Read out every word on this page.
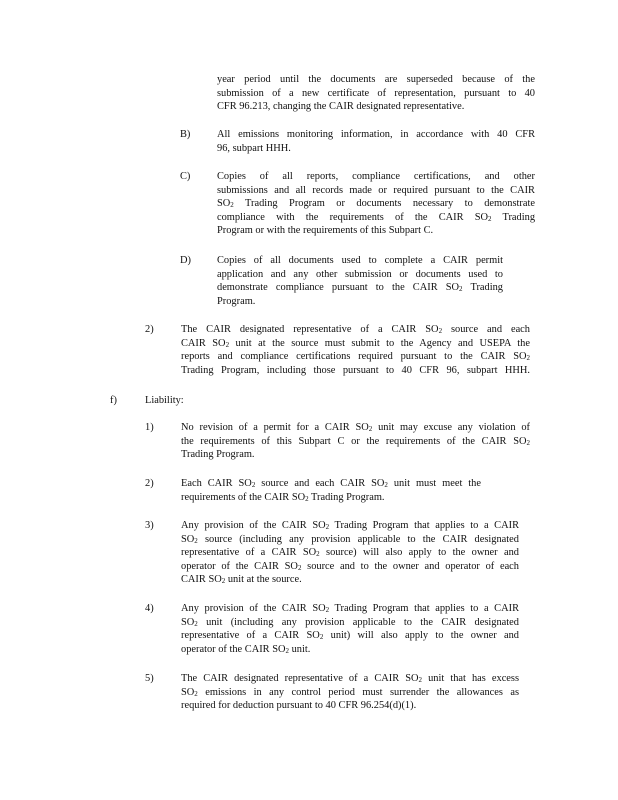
year period until the documents are superseded because of the
submission of a new certificate of representation, pursuant to 40
CFR 96.213, changing the CAIR designated representative.
B)	All emissions monitoring information, in accordance with 40 CFR
96, subpart HHH.
C)	Copies of all reports, compliance certifications, and other
submissions and all records made or required pursuant to the CAIR
$SO_2$ Trading Program or documents necessary to demonstrate
compliance with the requirements of the CAIR $SO_2$ Trading
Program or with the requirements of this Subpart C.
D)	Copies of all documents used to complete a CAIR permit
application and any other submission or documents used to
demonstrate compliance pursuant to the CAIR $SO_2$ Trading
Program.
2)	The CAIR designated representative of a CAIR $SO_2$ source and each
CAIR $SO_2$ unit at the source must submit to the Agency and USEPA the
reports and compliance certifications required pursuant to the CAIR $SO_2$
Trading Program, including those pursuant to 40 CFR 96, subpart HHH.
f)	Liability:
1)	No revision of a permit for a CAIR $SO_2$ unit may excuse any violation of
the requirements of this Subpart C or the requirements of the CAIR $SO_2$
Trading Program.
2)	Each CAIR $SO_2$ source and each CAIR $SO_2$ unit must meet the
requirements of the CAIR $SO_2$ Trading Program.
3)	Any provision of the CAIR $SO_2$ Trading Program that applies to a CAIR
$SO_2$ source (including any provision applicable to the CAIR designated
representative of a CAIR $SO_2$ source) will also apply to the owner and
operator of the CAIR $SO_2$ source and to the owner and operator of each
CAIR $SO_2$ unit at the source.
4)	Any provision of the CAIR $SO_2$ Trading Program that applies to a CAIR
$SO_2$ unit (including any provision applicable to the CAIR designated
representative of a CAIR $SO_2$ unit) will also apply to the owner and
operator of the CAIR $SO_2$ unit.
5)	The CAIR designated representative of a CAIR $SO_2$ unit that has excess
$SO_2$ emissions in any control period must surrender the allowances as
required for deduction pursuant to 40 CFR 96.254(d)(1).
